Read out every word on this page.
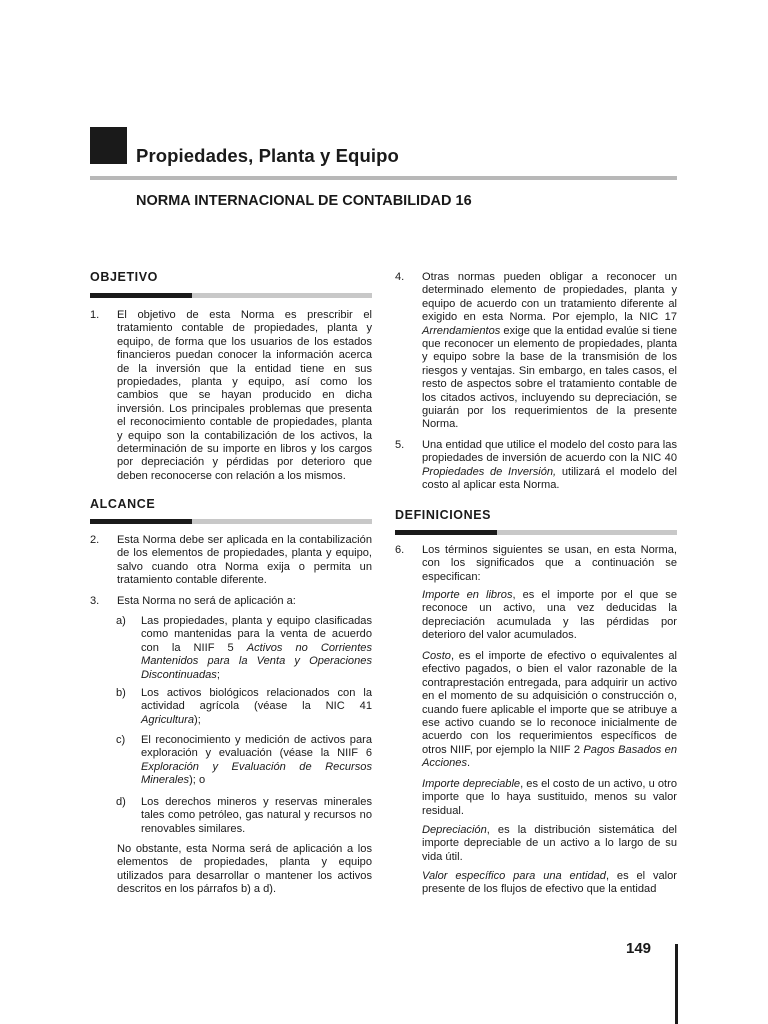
Propiedades, Planta y Equipo
NORMA INTERNACIONAL DE CONTABILIDAD 16
OBJETIVO
1. El objetivo de esta Norma es prescribir el tratamiento contable de propiedades, planta y equipo, de forma que los usuarios de los estados financieros puedan conocer la información acerca de la inversión que la entidad tiene en sus propiedades, planta y equipo, así como los cambios que se hayan producido en dicha inversión. Los principales problemas que presenta el reconocimiento contable de propiedades, planta y equipo son la contabilización de los activos, la determinación de su importe en libros y los cargos por depreciación y pérdidas por deterioro que deben reconocerse con relación a los mismos.
ALCANCE
2. Esta Norma debe ser aplicada en la contabilización de los elementos de propiedades, planta y equipo, salvo cuando otra Norma exija o permita un tratamiento contable diferente.
3. Esta Norma no será de aplicación a:
a) Las propiedades, planta y equipo clasificadas como mantenidas para la venta de acuerdo con la NIIF 5 Activos no Corrientes Mantenidos para la Venta y Operaciones Discontinuadas;
b) Los activos biológicos relacionados con la actividad agrícola (véase la NIC 41 Agricultura);
c) El reconocimiento y medición de activos para exploración y evaluación (véase la NIIF 6 Exploración y Evaluación de Recursos Minerales); o
d) Los derechos mineros y reservas minerales tales como petróleo, gas natural y recursos no renovables similares.
No obstante, esta Norma será de aplicación a los elementos de propiedades, planta y equipo utilizados para desarrollar o mantener los activos descritos en los párrafos b) a d).
4. Otras normas pueden obligar a reconocer un determinado elemento de propiedades, planta y equipo de acuerdo con un tratamiento diferente al exigido en esta Norma. Por ejemplo, la NIC 17 Arrendamientos exige que la entidad evalúe si tiene que reconocer un elemento de propiedades, planta y equipo sobre la base de la transmisión de los riesgos y ventajas. Sin embargo, en tales casos, el resto de aspectos sobre el tratamiento contable de los citados activos, incluyendo su depreciación, se guiarán por los requerimientos de la presente Norma.
5. Una entidad que utilice el modelo del costo para las propiedades de inversión de acuerdo con la NIC 40 Propiedades de Inversión, utilizará el modelo del costo al aplicar esta Norma.
DEFINICIONES
6. Los términos siguientes se usan, en esta Norma, con los significados que a continuación se especifican:
Importe en libros, es el importe por el que se reconoce un activo, una vez deducidas la depreciación acumulada y las pérdidas por deterioro del valor acumulados.
Costo, es el importe de efectivo o equivalentes al efectivo pagados, o bien el valor razonable de la contraprestación entregada, para adquirir un activo en el momento de su adquisición o construcción o, cuando fuere aplicable el importe que se atribuye a ese activo cuando se lo reconoce inicialmente de acuerdo con los requerimientos específicos de otros NIIF, por ejemplo la NIIF 2 Pagos Basados en Acciones.
Importe depreciable, es el costo de un activo, u otro importe que lo haya sustituido, menos su valor residual.
Depreciación, es la distribución sistemática del importe depreciable de un activo a lo largo de su vida útil.
Valor específico para una entidad, es el valor presente de los flujos de efectivo que la entidad
149
